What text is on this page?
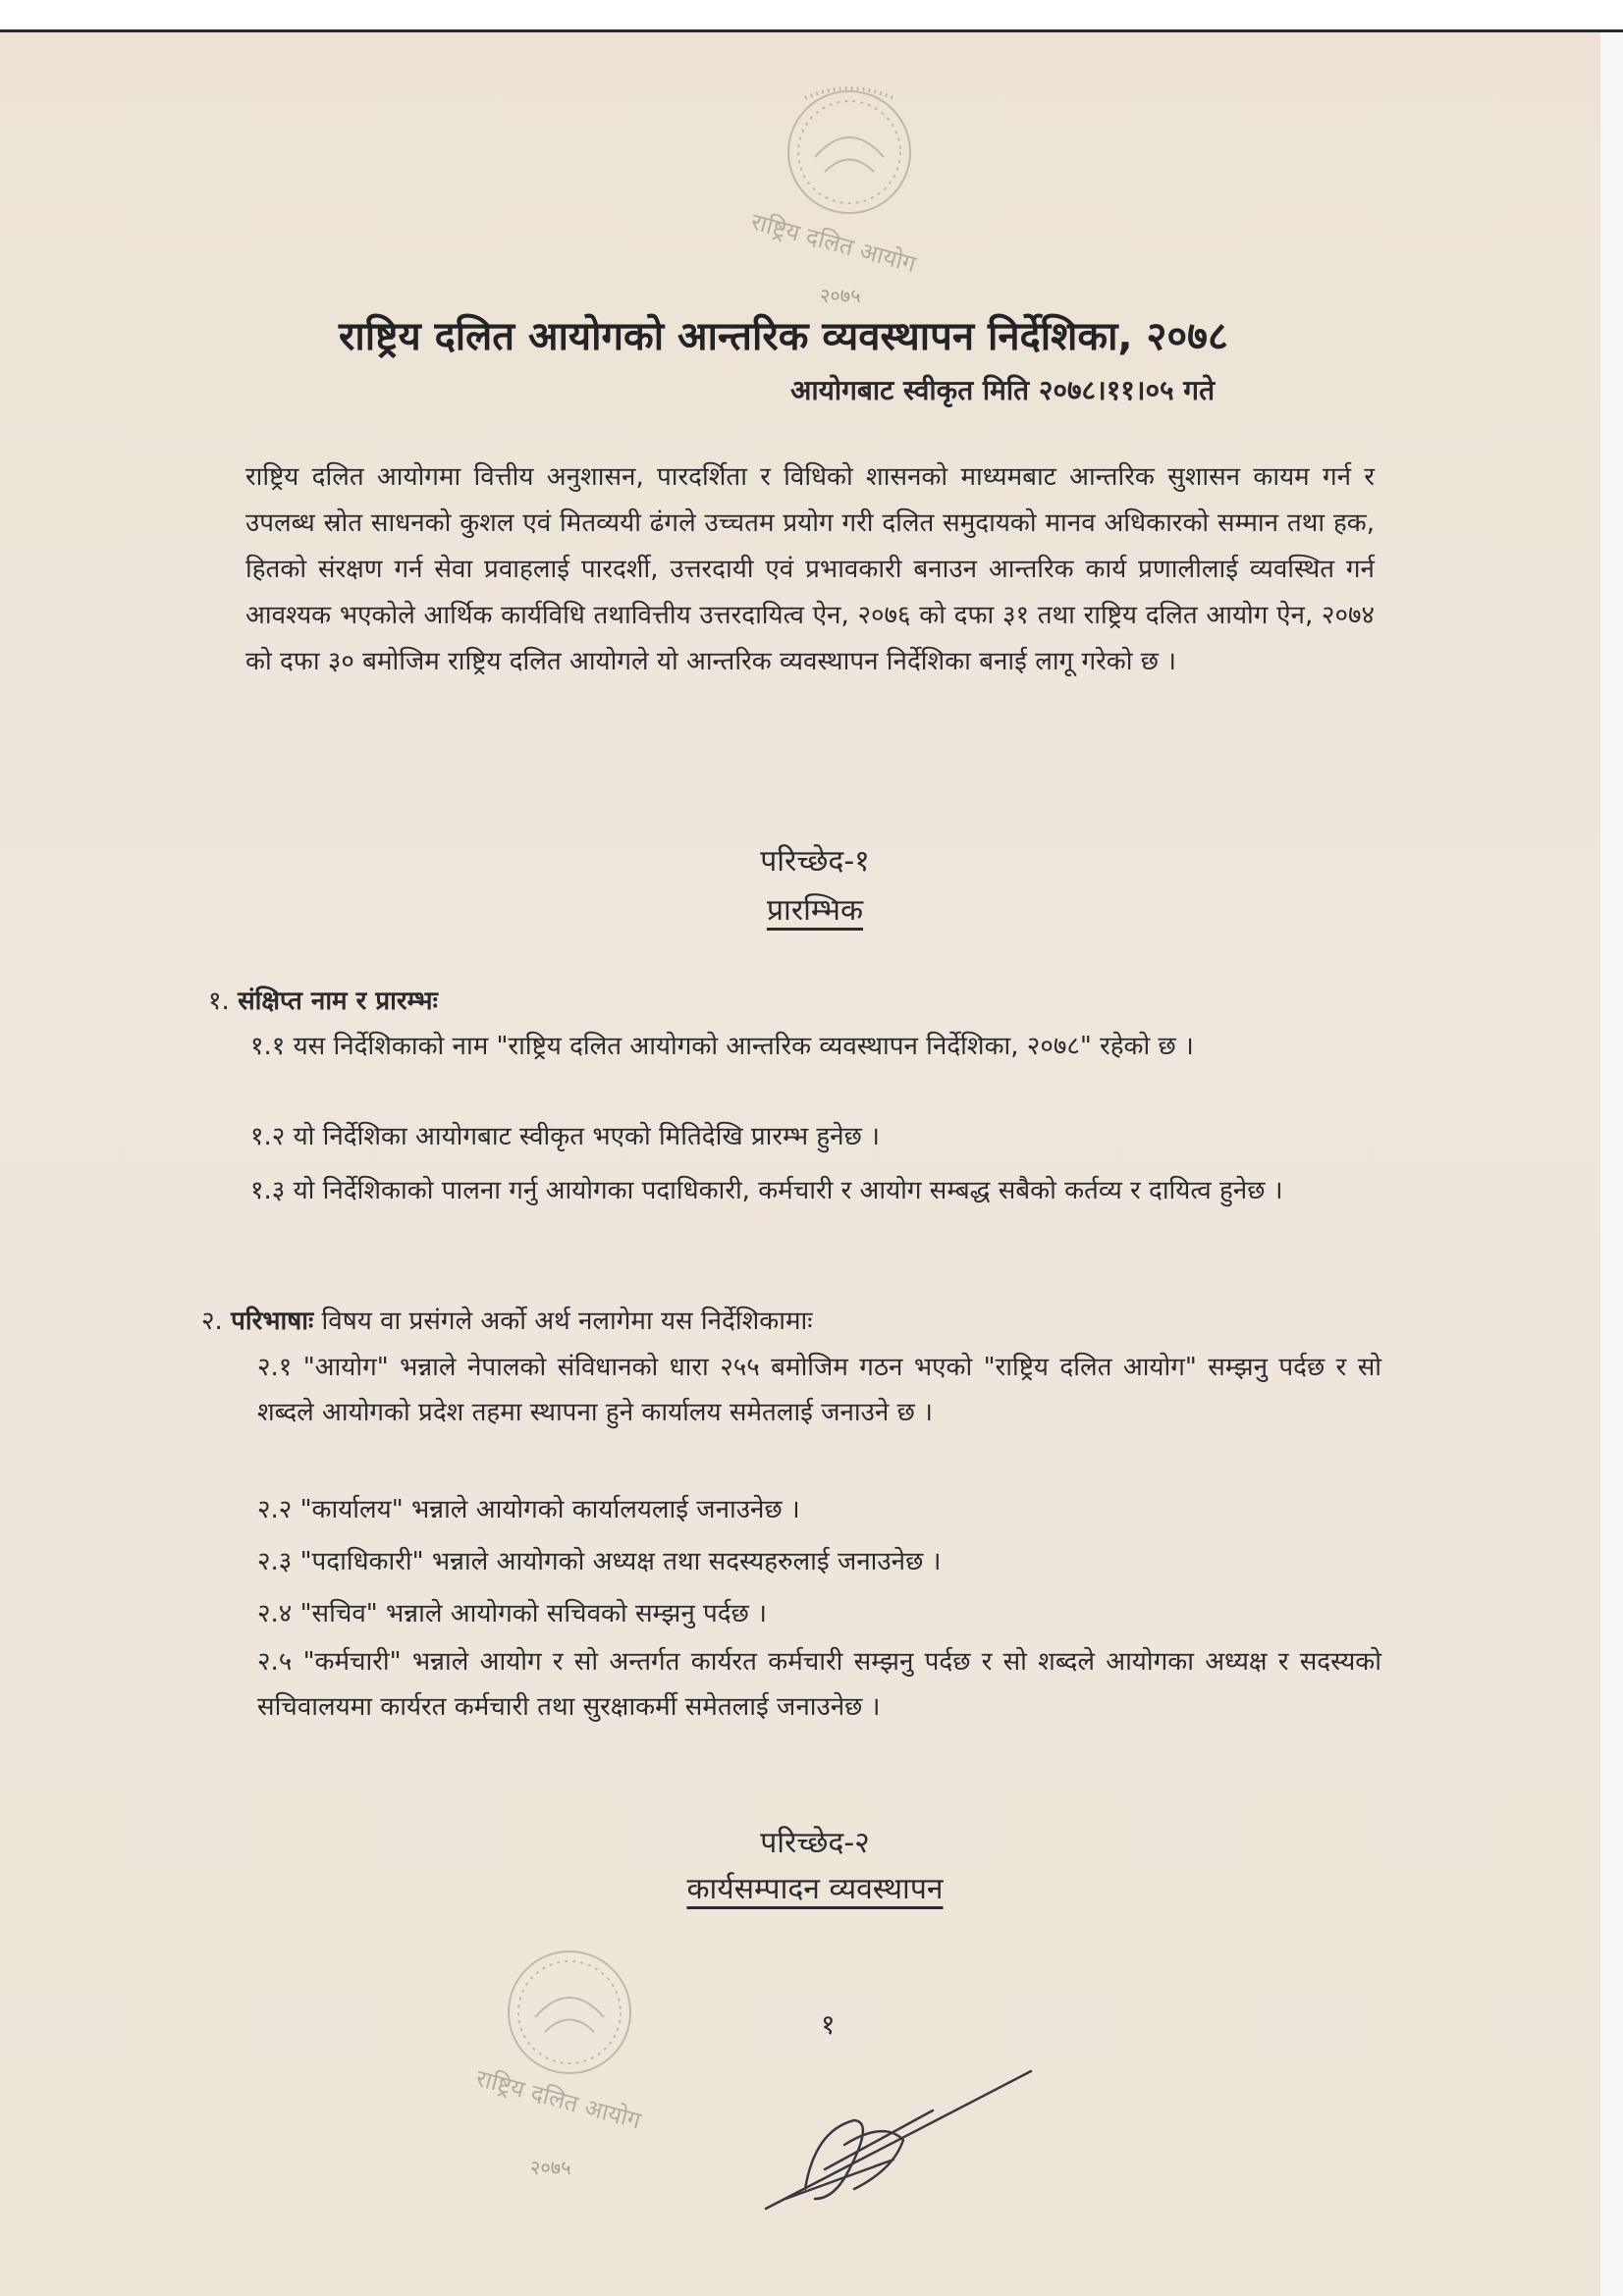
राष्ट्रिय दलित आयोग
२०७५
राष्ट्रिय दलित आयोगको आन्तरिक व्यवस्थापन निर्देशिका, २०७८
आयोगबाट स्वीकृत मिति २०७८।११।०५ गते
राष्ट्रिय दलित आयोगमा वित्तीय अनुशासन, पारदर्शिता र विधिको शासनको माध्यमबाट आन्तरिक सुशासन कायम गर्न र उपलब्ध स्रोत साधनको कुशल एवं मितव्ययी ढंगले उच्चतम प्रयोग गरी दलित समुदायको मानव अधिकारको सम्मान तथा हक, हितको संरक्षण गर्न सेवा प्रवाहलाई पारदर्शी, उत्तरदायी एवं प्रभावकारी बनाउन आन्तरिक कार्य प्रणालीलाई व्यवस्थित गर्न आवश्यक भएकोले आर्थिक कार्यविधि तथावित्तीय उत्तरदायित्व ऐन, २०७६ को दफा ३१ तथा राष्ट्रिय दलित आयोग ऐन, २०७४ को दफा ३० बमोजिम राष्ट्रिय दलित आयोगले यो आन्तरिक व्यवस्थापन निर्देशिका बनाई लागू गरेको छ ।
परिच्छेद-१
प्रारम्भिक
१. संक्षिप्त नाम र प्रारम्भः
१.१ यस निर्देशिकाको नाम "राष्ट्रिय दलित आयोगको आन्तरिक व्यवस्थापन निर्देशिका, २०७८" रहेको छ ।
१.२ यो निर्देशिका आयोगबाट स्वीकृत भएको मितिदेखि प्रारम्भ हुनेछ ।
१.३ यो निर्देशिकाको पालना गर्नु आयोगका पदाधिकारी, कर्मचारी र आयोग सम्बद्ध सबैको कर्तव्य र दायित्व हुनेछ ।
२. परिभाषाः विषय वा प्रसंगले अर्को अर्थ नलागेमा यस निर्देशिकामाः
२.१ "आयोग" भन्नाले नेपालको संविधानको धारा २५५ बमोजिम गठन भएको "राष्ट्रिय दलित आयोग" सम्झनु पर्दछ र सो शब्दले आयोगको प्रदेश तहमा स्थापना हुने कार्यालय समेतलाई जनाउने छ ।
२.२ "कार्यालय" भन्नाले आयोगको कार्यालयलाई जनाउनेछ ।
२.३ "पदाधिकारी" भन्नाले आयोगको अध्यक्ष तथा सदस्यहरुलाई जनाउनेछ ।
२.४ "सचिव" भन्नाले आयोगको सचिवको सम्झनु पर्दछ ।
२.५ "कर्मचारी" भन्नाले आयोग र सो अन्तर्गत कार्यरत कर्मचारी सम्झनु पर्दछ र सो शब्दले आयोगका अध्यक्ष र सदस्यको सचिवालयमा कार्यरत कर्मचारी तथा सुरक्षाकर्मी समेतलाई जनाउनेछ ।
परिच्छेद-२
कार्यसम्पादन व्यवस्थापन
राष्ट्रिय दलित आयोग
२०७५
१
